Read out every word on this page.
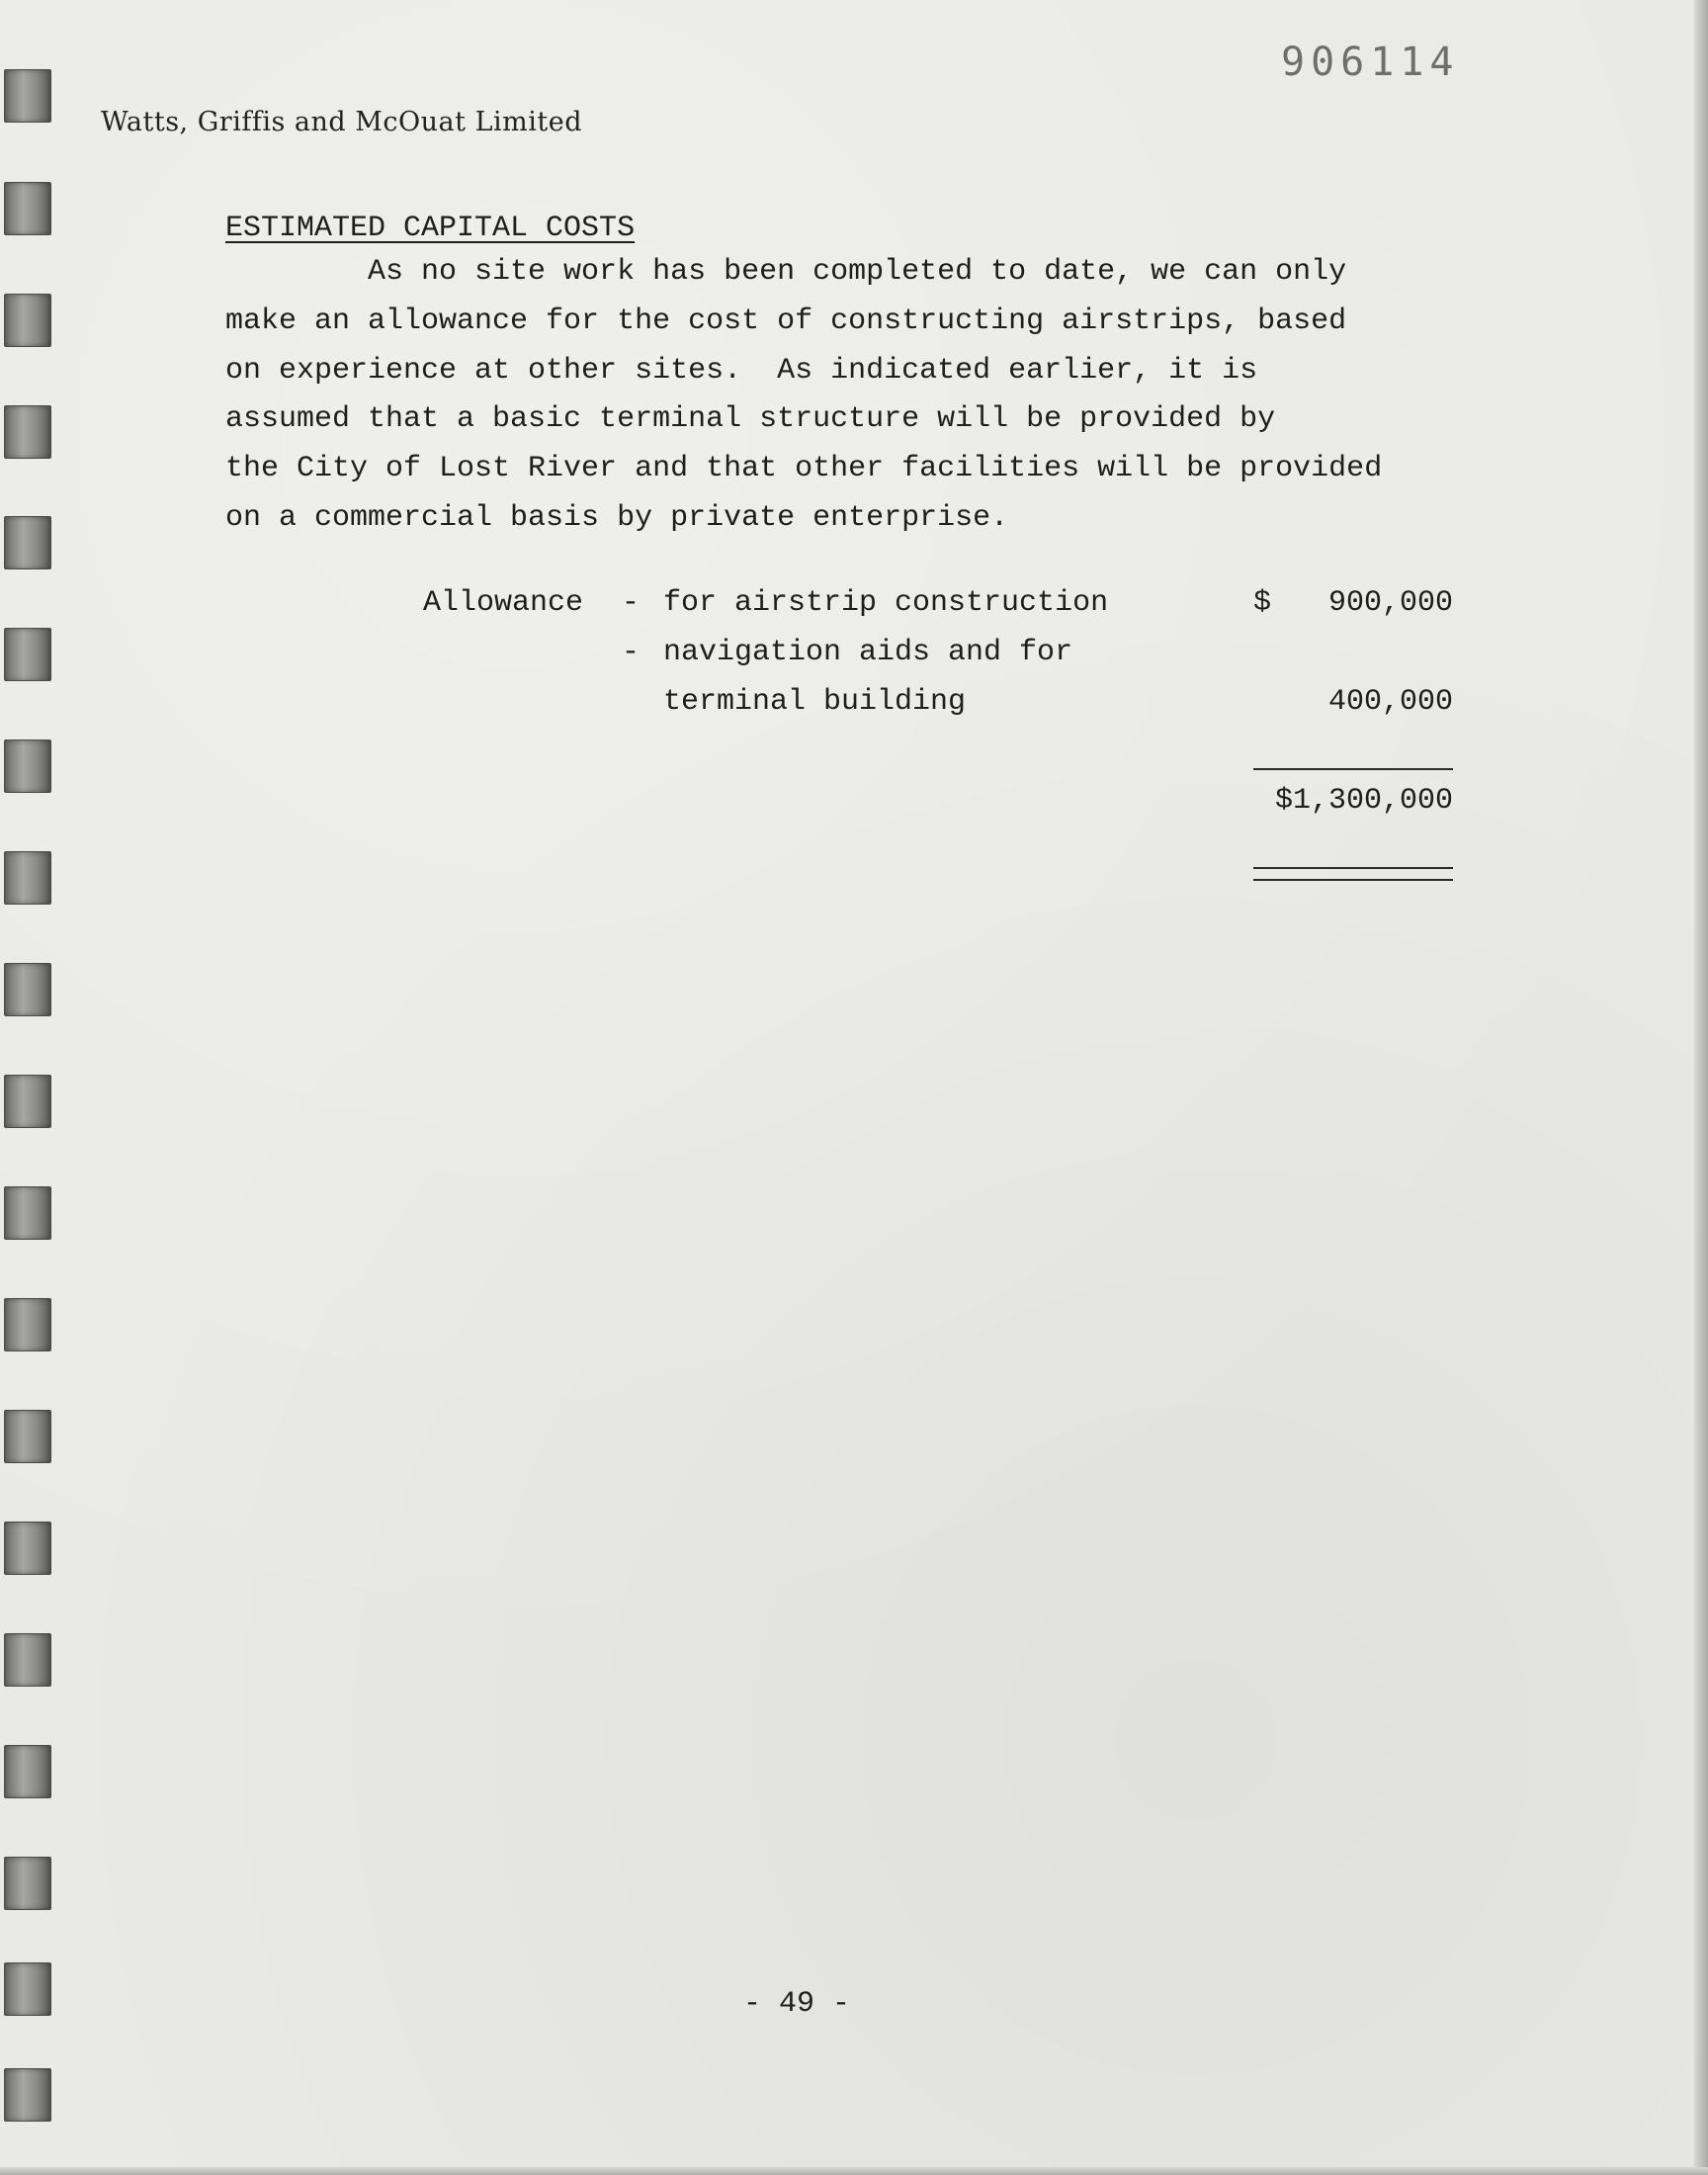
906114
Watts, Griffis and McOuat Limited
ESTIMATED CAPITAL COSTS
As no site work has been completed to date, we can only
make an allowance for the cost of constructing airstrips, based
on experience at other sites.  As indicated earlier, it is
assumed that a basic terminal structure will be provided by
the City of Lost River and that other facilities will be provided
on a commercial basis by private enterprise.
Allowance - for airstrip construction	$ 900,000
- navigation aids and for
terminal building	400,000
$1,300,000
- 49 -
